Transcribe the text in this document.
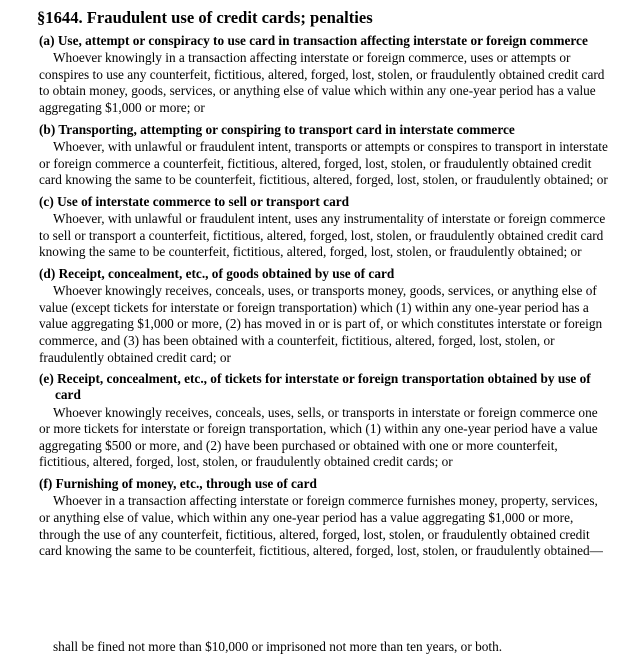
§1644. Fraudulent use of credit cards; penalties
(a) Use, attempt or conspiracy to use card in transaction affecting interstate or foreign commerce
Whoever knowingly in a transaction affecting interstate or foreign commerce, uses or attempts or conspires to use any counterfeit, fictitious, altered, forged, lost, stolen, or fraudulently obtained credit card to obtain money, goods, services, or anything else of value which within any one-year period has a value aggregating $1,000 or more; or
(b) Transporting, attempting or conspiring to transport card in interstate commerce
Whoever, with unlawful or fraudulent intent, transports or attempts or conspires to transport in interstate or foreign commerce a counterfeit, fictitious, altered, forged, lost, stolen, or fraudulently obtained credit card knowing the same to be counterfeit, fictitious, altered, forged, lost, stolen, or fraudulently obtained; or
(c) Use of interstate commerce to sell or transport card
Whoever, with unlawful or fraudulent intent, uses any instrumentality of interstate or foreign commerce to sell or transport a counterfeit, fictitious, altered, forged, lost, stolen, or fraudulently obtained credit card knowing the same to be counterfeit, fictitious, altered, forged, lost, stolen, or fraudulently obtained; or
(d) Receipt, concealment, etc., of goods obtained by use of card
Whoever knowingly receives, conceals, uses, or transports money, goods, services, or anything else of value (except tickets for interstate or foreign transportation) which (1) within any one-year period has a value aggregating $1,000 or more, (2) has moved in or is part of, or which constitutes interstate or foreign commerce, and (3) has been obtained with a counterfeit, fictitious, altered, forged, lost, stolen, or fraudulently obtained credit card; or
(e) Receipt, concealment, etc., of tickets for interstate or foreign transportation obtained by use of card
Whoever knowingly receives, conceals, uses, sells, or transports in interstate or foreign commerce one or more tickets for interstate or foreign transportation, which (1) within any one-year period have a value aggregating $500 or more, and (2) have been purchased or obtained with one or more counterfeit, fictitious, altered, forged, lost, stolen, or fraudulently obtained credit cards; or
(f) Furnishing of money, etc., through use of card
Whoever in a transaction affecting interstate or foreign commerce furnishes money, property, services, or anything else of value, which within any one-year period has a value aggregating $1,000 or more, through the use of any counterfeit, fictitious, altered, forged, lost, stolen, or fraudulently obtained credit card knowing the same to be counterfeit, fictitious, altered, forged, lost, stolen, or fraudulently obtained—
shall be fined not more than $10,000 or imprisoned not more than ten years, or both.
